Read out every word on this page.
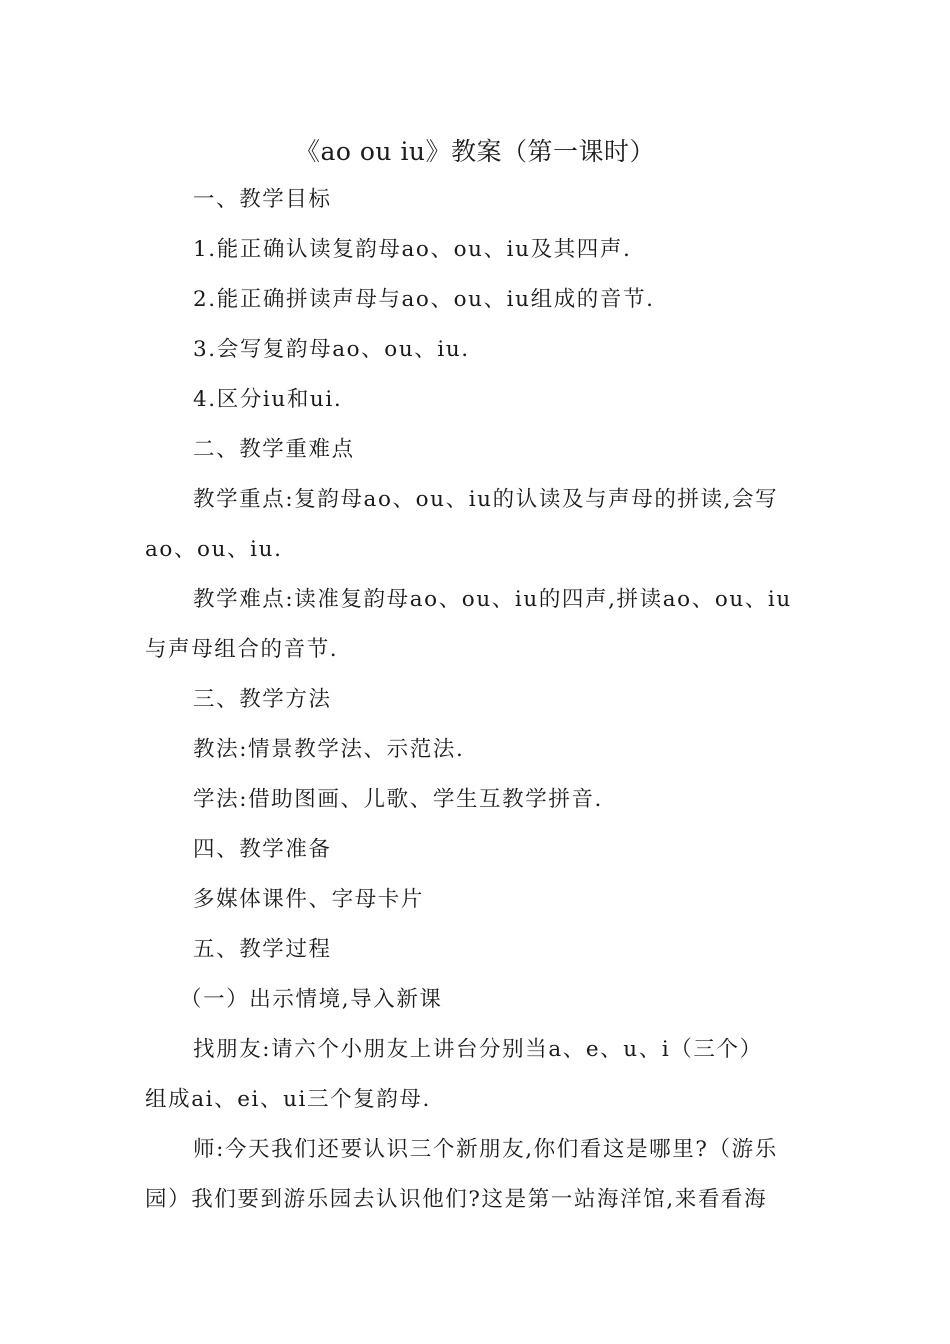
《ao ou iu》教案（第一课时）
一、教学目标
1.能正确认读复韵母ao、ou、iu及其四声.
2.能正确拼读声母与ao、ou、iu组成的音节.
3.会写复韵母ao、ou、iu.
4.区分iu和ui.
二、教学重难点
教学重点:复韵母ao、ou、iu的认读及与声母的拼读,会写
ao、ou、iu.
教学难点:读准复韵母ao、ou、iu的四声,拼读ao、ou、iu
与声母组合的音节.
三、教学方法
教法:情景教学法、示范法.
学法:借助图画、儿歌、学生互教学拼音.
四、教学准备
多媒体课件、字母卡片
五、教学过程
（一）出示情境,导入新课
找朋友:请六个小朋友上讲台分别当a、e、u、i（三个）
组成ai、ei、ui三个复韵母.
师:今天我们还要认识三个新朋友,你们看这是哪里?（游乐
园）我们要到游乐园去认识他们?这是第一站海洋馆,来看看海
